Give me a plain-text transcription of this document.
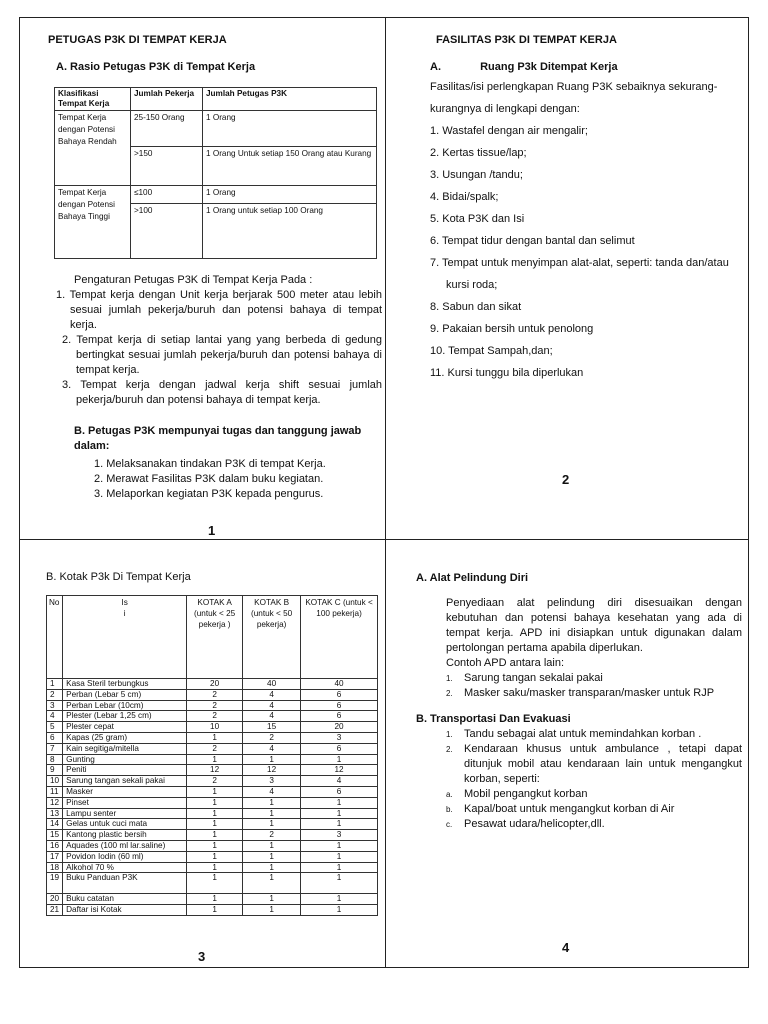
PETUGAS P3K DI TEMPAT KERJA
A. Rasio Petugas P3K di Tempat Kerja
Klasifikasi Tempat Kerja	Jumlah Pekerja	Jumlah Petugas P3K
Tempat Kerja dengan Potensi Bahaya Rendah	25-150 Orang	1 Orang
	>150	1 Orang Untuk setiap 150 Orang atau Kurang
Tempat Kerja dengan Potensi Bahaya Tinggi	≤100	1 Orang
	>100	1 Orang untuk setiap 100 Orang

Pengaturan Petugas P3K di Tempat Kerja Pada :

1. Tempat kerja dengan Unit kerja berjarak 500 meter atau lebih sesuai jumlah pekerja/buruh dan potensi bahaya di tempat kerja.
2. Tempat kerja di setiap lantai yang yang berbeda di gedung bertingkat sesuai jumlah pekerja/buruh dan potensi bahaya di tempat kerja.
3. Tempat kerja dengan jadwal kerja shift sesuai jumlah pekerja/buruh dan potensi bahaya di tempat kerja.
B. Petugas P3K mempunyai tugas dan tanggung jawab dalam:
1. Melaksanakan tindakan P3K di tempat Kerja.
2. Merawat Fasilitas P3K dalam buku kegiatan.
3. Melaporkan kegiatan P3K kepada pengurus.
1
FASILITAS P3K DI TEMPAT KERJA
A.	Ruang P3k Ditempat Kerja

Fasilitas/isi perlengkapan Ruang P3K sebaiknya sekurang-kurangnya di lengkapi dengan:

1. Wastafel dengan air mengalir;
2. Kertas tissue/lap;
3. Usungan /tandu;
4. Bidai/spalk;
5. Kota P3K dan Isi
6. Tempat tidur dengan bantal dan selimut
7. Tempat untuk menyimpan alat-alat, seperti: tanda dan/atau kursi roda;
8. Sabun dan sikat
9. Pakaian bersih untuk penolong
10. Tempat Sampah,dan;
11. Kursi tunggu bila diperlukan
2
B. Kotak P3k Di Tempat Kerja
No	Is i	KOTAK A (untuk < 25 pekerja )	KOTAK B (untuk < 50 pekerja)	KOTAK C (untuk < 100 pekerja)
1	Kasa Steril terbungkus	20	40	40
2	Perban (Lebar 5 cm)	2	4	6
3	Perban Lebar (10cm)	2	4	6
4	Plester (Lebar 1,25 cm)	2	4	6
5	Plester cepat	10	15	20
6	Kapas (25 gram)	1	2	3
7	Kain segitiga/mitella	2	4	6
8	Gunting	1	1	1
9	Peniti	12	12	12
10	Sarung tangan sekali pakai	2	3	4
11	Masker	1	4	6
12	Pinset	1	1	1
13	Lampu senter	1	1	1
14	Gelas untuk cuci mata	1	1	1
15	Kantong plastic bersih	1	2	3
16	Aquades (100 ml lar.saline)	1	1	1
17	Povidon Iodin (60 ml)	1	1	1
18	Alkohol 70 %	1	1	1
19	Buku Panduan P3K	1	1	1
20	Buku catatan	1	1	1
21	Daftar isi Kotak	1	1	1
3
A. Alat Pelindung Diri

Penyediaan alat pelindung diri disesuaikan dengan kebutuhan dan potensi bahaya kesehatan yang ada di tempat kerja. APD ini disiapkan untuk digunakan dalam pertolongan pertama apabila diperlukan.

Contoh APD antara lain:

1.	Sarung tangan sekalai pakai
2.	Masker saku/masker transparan/masker untuk RJP
B. Transportasi Dan Evakuasi
1.	Tandu sebagai alat untuk memindahkan korban .
2.	Kendaraan khusus untuk ambulance , tetapi dapat ditunjuk mobil atau kendaraan lain untuk mengangkut korban, seperti:
a.	Mobil pengangkut korban
b.	Kapal/boat untuk mengangkut korban di Air
c.	Pesawat udara/helicopter,dll.
4
